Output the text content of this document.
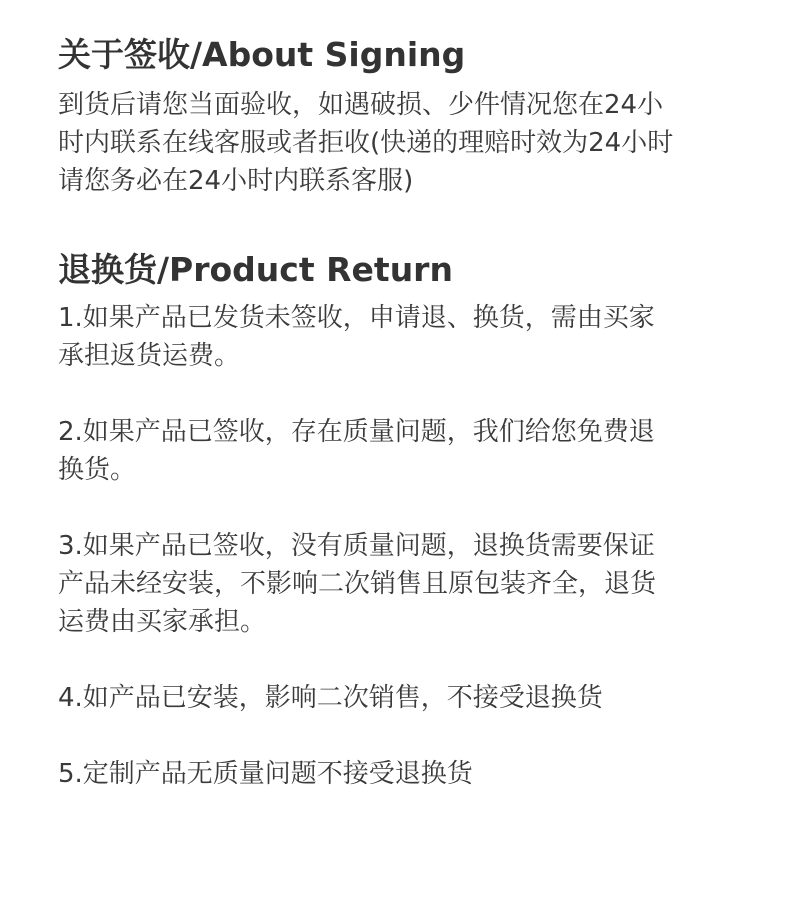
关于签收/About Signing

到货后请您当面验收，如遇破损、少件情况您在24小
时内联系在线客服或者拒收(快递的理赔时效为24小时
请您务必在24小时内联系客服)

退换货/Product Return

1.如果产品已发货未签收，申请退、换货，需由买家
承担返货运费。

2.如果产品已签收，存在质量问题，我们给您免费退
换货。

3.如果产品已签收，没有质量问题，退换货需要保证
产品未经安装，不影响二次销售且原包装齐全，退货
运费由买家承担。

4.如产品已安装，影响二次销售，不接受退换货

5.定制产品无质量问题不接受退换货
